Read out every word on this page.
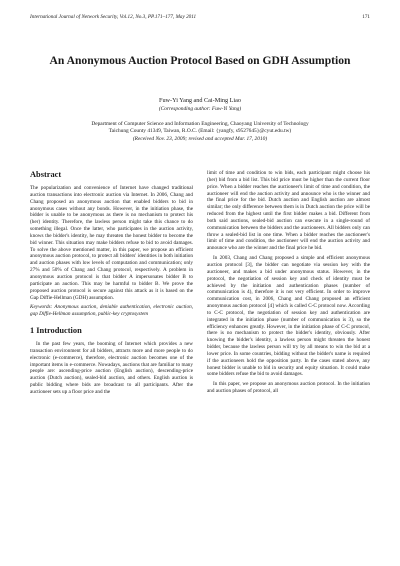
International Journal of Network Security, Vol.12, No.3, PP.171–177, May 2011	171
An Anonymous Auction Protocol Based on GDH Assumption
Fuw-Yi Yang and Cai-Ming Liao
(Corresponding author: Fuw-Yi Yang)
Department of Computer Science and Information Engineering, Chaoyang University of Technology
Taichung County 41349, Taiwan, R.O.C. (Email: {yangfy, s9527645}@cyut.edu.tw)
(Received Nov. 23, 2009; revised and accepted Mar. 17, 2010)
Abstract

The popularization and convenience of Internet have changed traditional auction transactions into electronic auction via Internet. In 2006, Chang and Chang proposed an anonymous auction that enabled bidders to bid in anonymous cases without any bonds. However, in the initiation phase, the bidder is unable to be anonymous as there is no mechanism to protect his (her) identity. Therefore, the lawless person might take this chance to do something illegal. Once the latter, who participates in the auction activity, knows the bidder's identity, he may threaten the honest bidder to become the bid winner. This situation may make bidders refuse to bid to avoid damages. To solve the above mentioned matter, in this paper, we propose an efficient anonymous auction protocol, to protect all bidders' identities in both initiation and auction phases with low levels of computation and communication; only 27% and 50% of Chang and Chang protocol, respectively. A problem in anonymous auction protocol is that bidder A impersonates bidder B to participate an auction. This may be harmful to bidder B. We prove the proposed auction protocol is secure against this attack as it is based on the Gap Diffie-Hellman (GDH) assumption.

Keywords: Anonymous auction, deniable authentication, electronic auction, gap Diffie-Hellman assumption, public-key cryptosystem

1 Introduction

In the past few years, the booming of Internet which provides a new transaction environment for all bidders, attracts more and more people to do electronic (e-commerce), therefore, electronic auction becomes one of the important items in e-commerce. Nowadays, auctions that are familiar to many people are: ascending-price auction (English auction), descending-price auction (Dutch auction), sealed-bid auction, and others. English auction is public bidding where bids are broadcast to all participants. After the auctioneer sets up a floor price and the

limit of time and condition to win bids, each participant might choose his (her) bid from a bid list. This bid price must be higher than the current floor price. When a bidder reaches the auctioneer's limit of time and condition, the auctioneer will end the auction activity and announce who is the winner and the final price for the bid. Dutch auction and English auction are almost similar; the only difference between them is in Dutch auction the price will be reduced from the highest until the first bidder makes a bid. Different from both said auctions, sealed-bid auction can execute in a single-round of communication between the bidders and the auctioneers. All bidders only can throw a sealed-bid list in one time. When a bidder reaches the auctioneer's limit of time and condition, the auctioneer will end the auction activity and announce who are the winner and the final price he bid.

In 2003, Chang and Chang proposed a simple and efficient anonymous auction protocol [3], the bidder can negotiate via session key with the auctioneer, and makes a bid under anonymous status. However, in the protocol, the negotiation of session key and check of identity must be achieved by the initiation and authentication phases (number of communication is 4), therefore it is not very efficient. In order to improve communication cost, in 2006, Chang and Chang proposed an efficient anonymous auction protocol [4] which is called C-C protocol now. According to C-C protocol, the negotiation of session key and authentication are integrated in the initiation phase (number of communication is 3), so the efficiency enhances greatly. However, in the initiation phase of C-C protocol, there is no mechanism to protect the bidder's identity, obviously. After knowing the bidder's identity, a lawless person might threaten the honest bidder, because the lawless person will try by all means to win the bid at a lower price. In some countries, bidding without the bidder's name is required if the auctioneers hold the opposition party. In the cases stated above, any honest bidder is unable to bid in security and equity situation. It could make some bidders refuse the bid to avoid damages.

In this paper, we propose an anonymous auction protocol. In the initiation and auction phases of protocol, all
